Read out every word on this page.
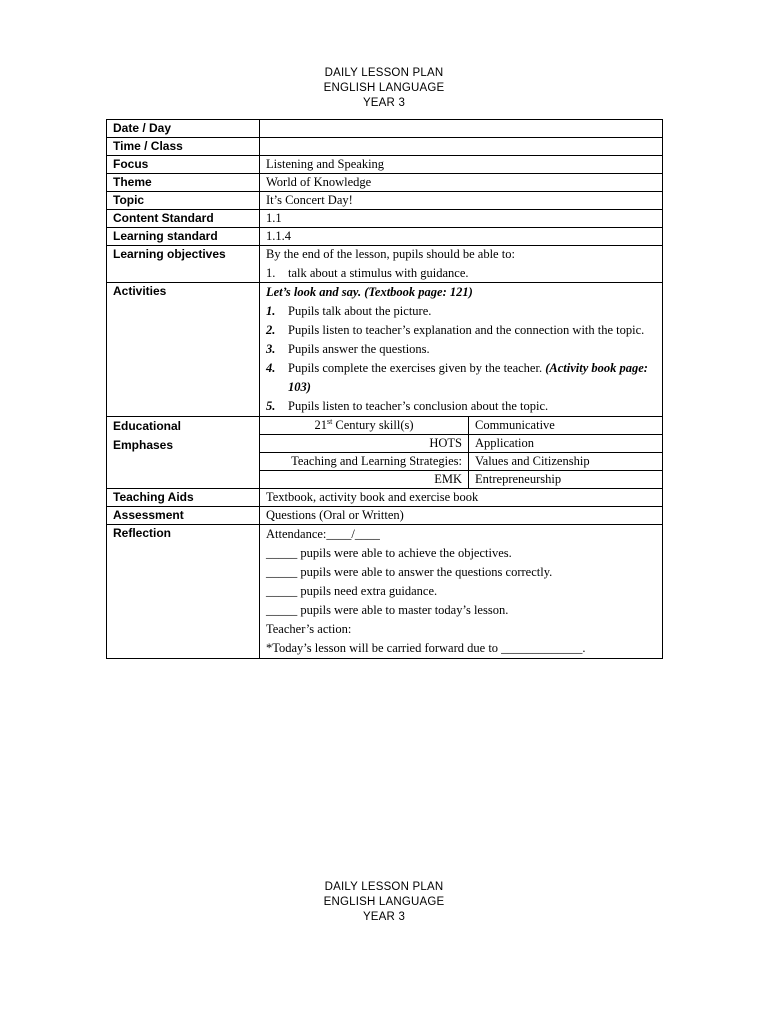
DAILY LESSON PLAN
ENGLISH LANGUAGE
YEAR 3
Date / Day	
Time / Class	
Focus	Listening and Speaking
Theme	World of Knowledge
Topic	It’s Concert Day!
Content Standard	1.1
Learning standard	1.1.4
Learning objectives	By the end of the lesson, pupils should be able to:
1.	talk about a stimulus with guidance.

Activities	Let’s look and say. (Textbook page: 121)
1.	Pupils talk about the picture.
2.	Pupils listen to teacher’s explanation and the connection with the topic.
3.	Pupils answer the questions.
4.	Pupils complete the exercises given by the teacher. (Activity book page: 103)
5.	Pupils listen to teacher’s conclusion about the topic.

Educational
Emphases

21st Century skill(s)	Communicative
HOTS	Application
Teaching and Learning Strategies:	Values and Citizenship
EMK	Entrepreneurship

Teaching Aids	Textbook, activity book and exercise book
Assessment	Questions (Oral or Written)
Reflection	Attendance:____/____
_____ pupils were able to achieve the objectives.
_____ pupils were able to answer the questions correctly.
_____ pupils need extra guidance.
_____ pupils were able to master today’s lesson.
Teacher’s action:
*Today’s lesson will be carried forward due to _____________.
DAILY LESSON PLAN
ENGLISH LANGUAGE
YEAR 3
